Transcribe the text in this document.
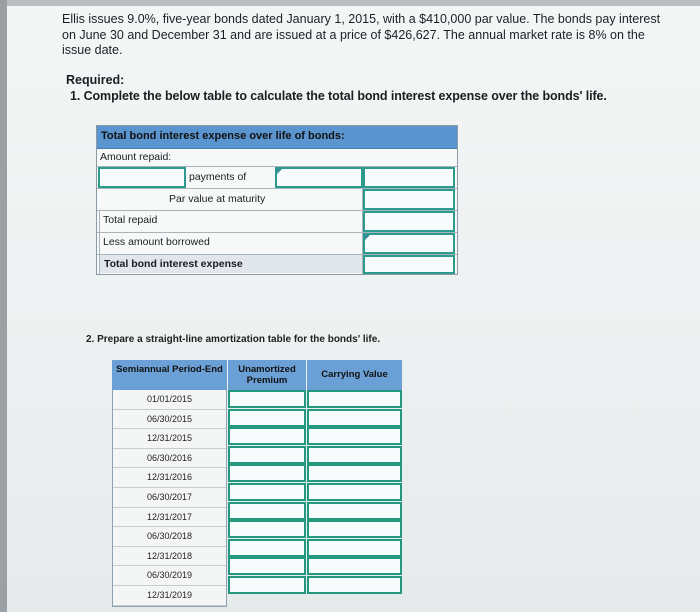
Ellis issues 9.0%, five-year bonds dated January 1, 2015, with a $410,000 par value. The bonds pay interest on June 30 and December 31 and are issued at a price of $426,627. The annual market rate is 8% on the issue date.
Required:
1. Complete the below table to calculate the total bond interest expense over the bonds' life.
Total bond interest expense over life of bonds:
Amount repaid:
payments of
Par value at maturity
Total repaid
Less amount borrowed
Total bond interest expense
2. Prepare a straight-line amortization table for the bonds' life.
Semiannual Period-End	Unamortized Premium
Carrying Value
01/01/2015
06/30/2015
12/31/2015
06/30/2016
12/31/2016
06/30/2017
12/31/2017
06/30/2018
12/31/2018
06/30/2019
12/31/2019
